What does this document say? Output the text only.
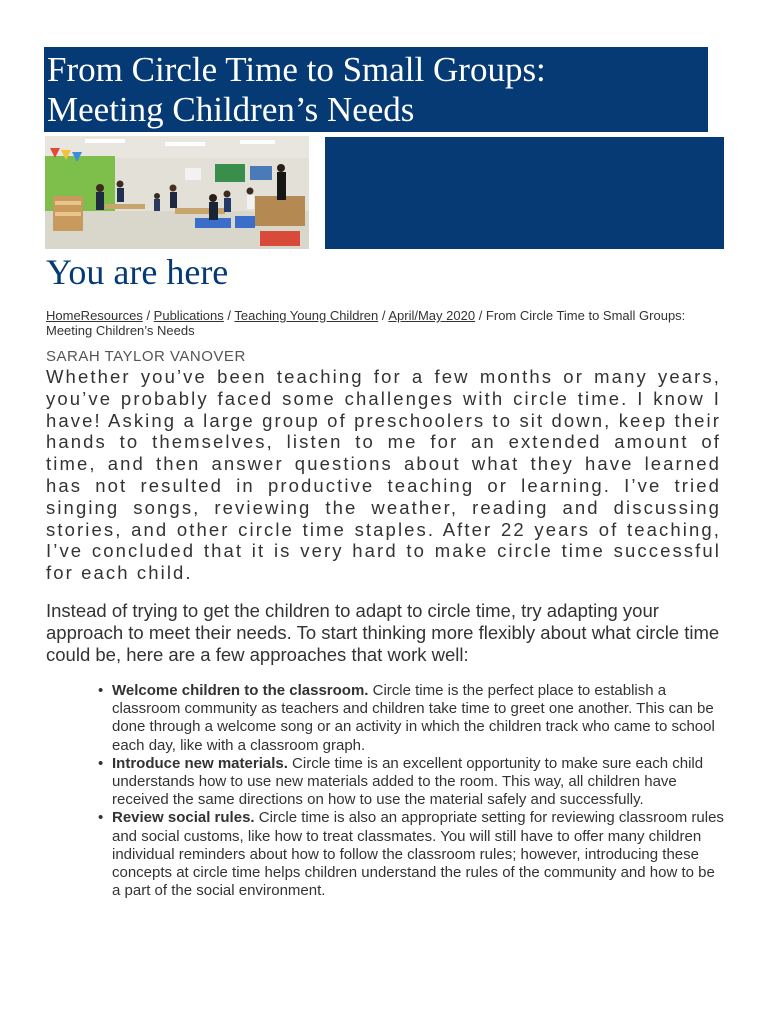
From Circle Time to Small Groups:
Meeting Children’s Needs
You are here
HomeResources / Publications / Teaching Young Children / April/May 2020 / From Circle Time to Small Groups: Meeting Children’s Needs
SARAH TAYLOR VANOVER

Whether you’ve been teaching for a few months or many years, you’ve probably faced some challenges with circle time. I know I have! Asking a large group of preschoolers to sit down, keep their hands to themselves, listen to me for an extended amount of time, and then answer questions about what they have learned has not resulted in productive teaching or learning. I’ve tried singing songs, reviewing the weather, reading and discussing stories, and other circle time staples. After 22 years of teaching, I’ve concluded that it is very hard to make circle time successful for each child.

Instead of trying to get the children to adapt to circle time, try adapting your approach to meet their needs. To start thinking more flexibly about what circle time could be, here are a few approaches that work well:

• Welcome children to the classroom. Circle time is the perfect place to establish a classroom community as teachers and children take time to greet one another. This can be done through a welcome song or an activity in which the children track who came to school each day, like with a classroom graph.
• Introduce new materials. Circle time is an excellent opportunity to make sure each child understands how to use new materials added to the room. This way, all children have received the same directions on how to use the material safely and successfully.
• Review social rules. Circle time is also an appropriate setting for reviewing classroom rules and social customs, like how to treat classmates. You will still have to offer many children individual reminders about how to follow the classroom rules; however, introducing these concepts at circle time helps children understand the rules of the community and how to be a part of the social environment.
